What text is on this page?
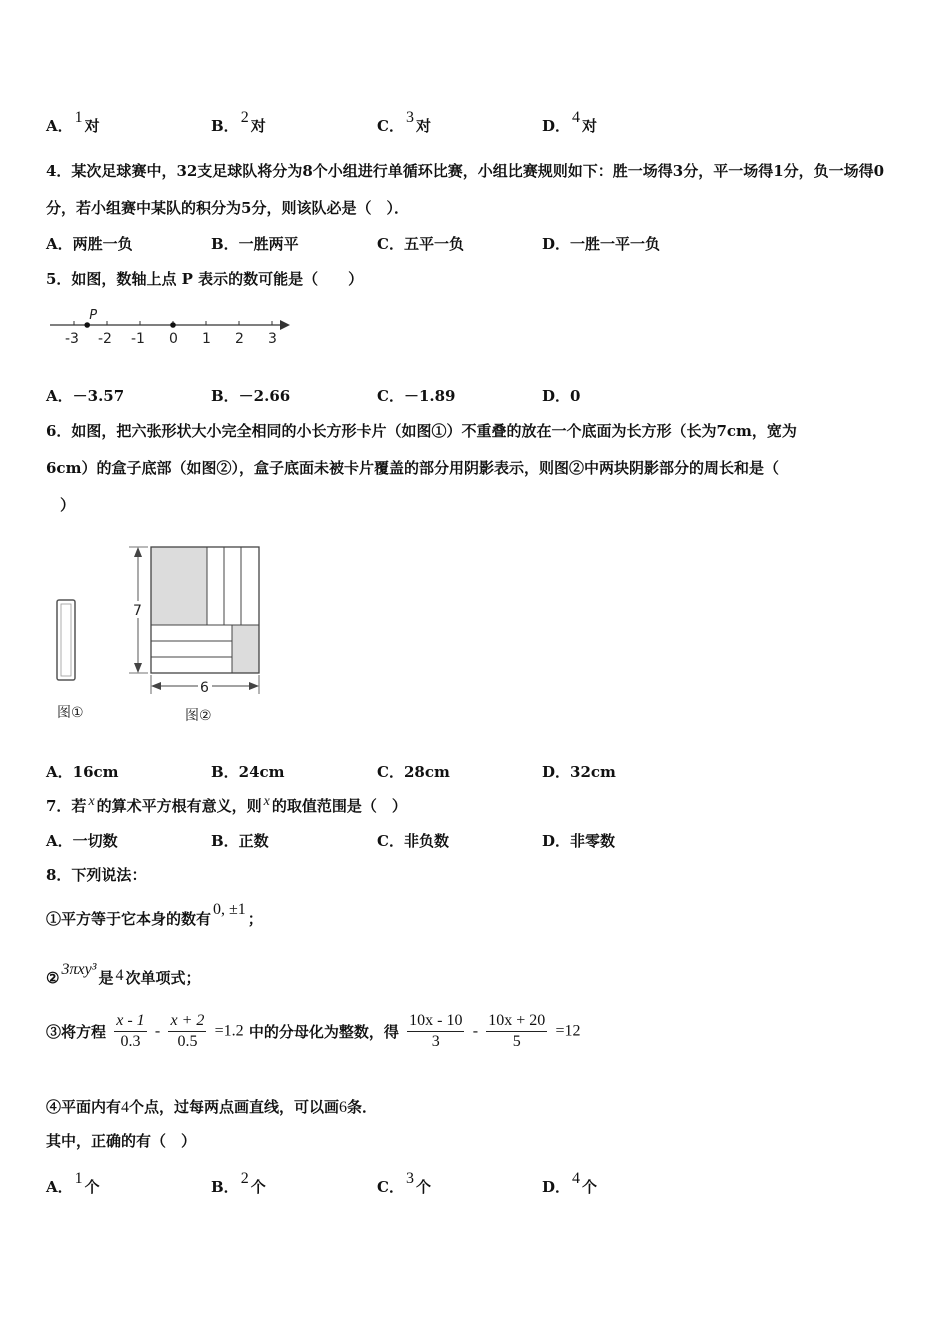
A． 1 对	B． 2 对	C． 3 对	D． 4 对
4．某次足球赛中，32支足球队将分为8个小组进行单循环比赛，小组比赛规则如下：胜一场得3分，平一场得1分，负一场得0分，若小组赛中某队的积分为5分，则该队必是（　）．
A．两胜一负	B．一胜两平	C．五平一负	D．一胜一平一负
5．如图，数轴上点 P 表示的数可能是（　　）
-3 -2 -1 0 1 2 3
P
A．－3.57	B．－2.66	C．－1.89	D．0
6．如图，把六张形状大小完全相同的小长方形卡片（如图①）不重叠的放在一个底面为长方形（长为7cm，宽为
6cm）的盒子底部（如图②），盒子底面未被卡片覆盖的部分用阴影表示，则图②中两块阴影部分的周长和是（
）
图①
7
6
图②
A．16cm	B．24cm	C．28cm	D．32cm
7．若 x 的算术平方根有意义，则 x 的取值范围是（　）
A．一切数	B．正数	C．非负数	D．非零数
8．下列说法：
①平方等于它本身的数有0, ±1；
② 3πxy³ 是 4 次单项式；
③将方程 $\frac{x - 1}{0.3} - \frac{x + 2}{0.5} =1.2$ 中的分母化为整数，得 $\frac{10x - 10}{3} - \frac{10x + 20}{5} =12$
④平面内有4个点，过每两点画直线，可以画6条．
其中，正确的有（　）
A． 1 个	B． 2 个	C． 3 个	D． 4 个
